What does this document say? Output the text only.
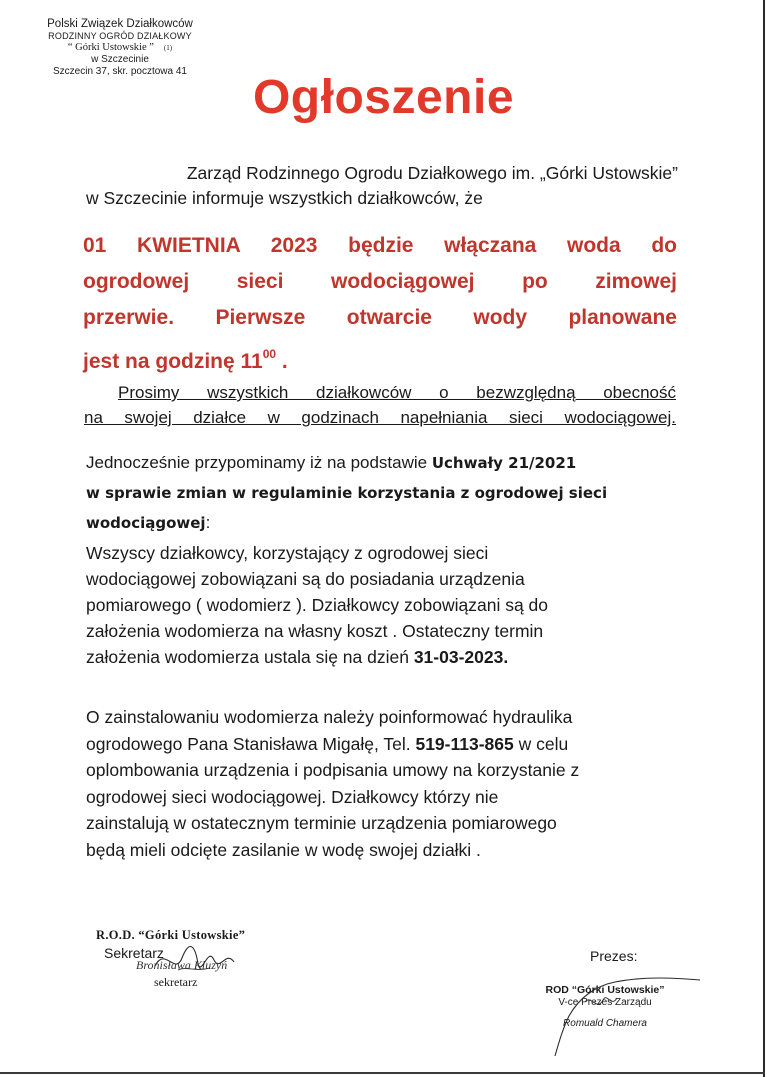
Polski Związek Działkowców
RODZINNY OGRÓD DZIAŁKOWY
“ Górki Ustowskie ” (1)
w Szczecinie
Szczecin 37, skr. pocztowa 41	Ogłoszenie
Zarząd Rodzinnego Ogrodu Działkowego im. „Górki Ustowskie”
w Szczecinie informuje wszystkich działkowców, że
01 KWIETNIA 2023 będzie włączana woda do
ogrodowej sieci wodociągowej po zimowej
przerwie. Pierwsze otwarcie wody planowane
jest na godzinę $11^{00}$ .
Prosimy wszystkich działkowców o bezwzględną obecność
na swojej działce w godzinach napełniania sieci wodociągowej.
Jednocześnie przypominamy iż na podstawie Uchwały 21/2021
w sprawie zmian w regulaminie korzystania z ogrodowej sieci
wodociągowej:
Wszyscy działkowcy, korzystający z ogrodowej sieci
wodociągowej zobowiązani są do posiadania urządzenia
pomiarowego ( wodomierz ). Działkowcy zobowiązani są do
założenia wodomierza na własny koszt . Ostateczny termin
założenia wodomierza ustala się na dzień 31-03-2023.
O zainstalowaniu wodomierza należy poinformować hydraulika
ogrodowego Pana Stanisława Migałę, Tel. 519-113-865 w celu
oplombowania urządzenia i podpisania umowy na korzystanie z
ogrodowej sieci wodociągowej. Działkowcy którzy nie
zainstalują w ostatecznym terminie urządzenia pomiarowego
będą mieli odcięte zasilanie w wodę swojej działki .
R.O.D. “Górki Ustowskie”
Sekretarz
Bronisława Kluzyń
sekretarz
Prezes:
ROD “Górki Ustowskie”
V-ce Prezes Zarządu
Romuald Chamera
